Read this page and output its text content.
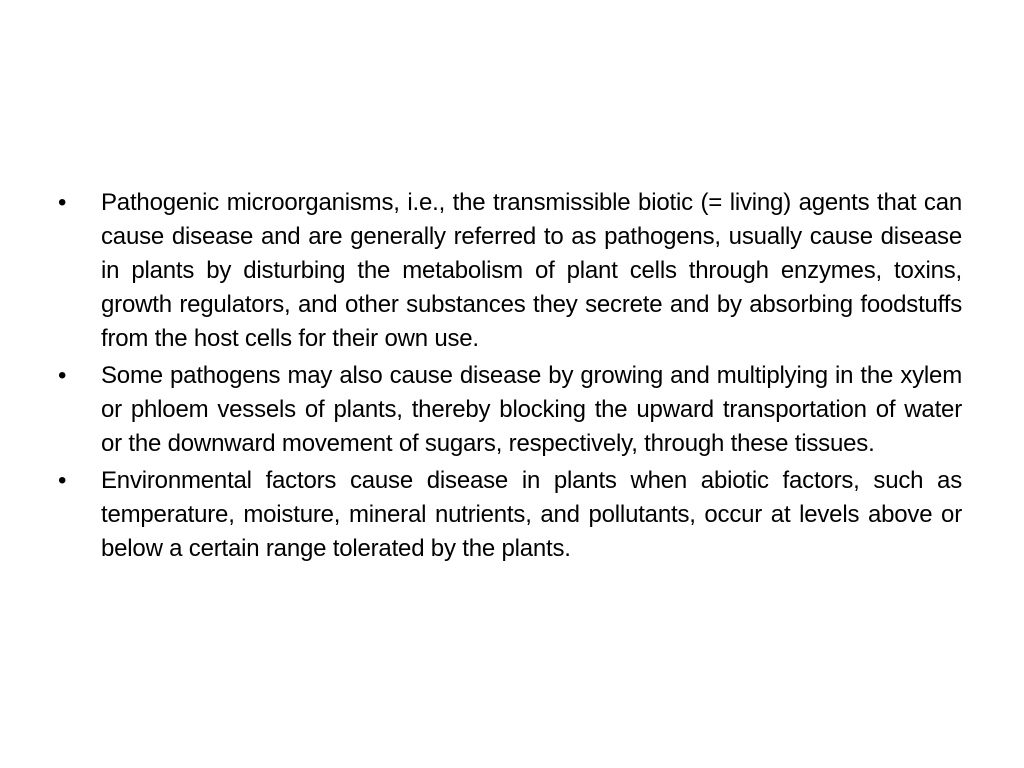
•	Pathogenic microorganisms, i.e., the transmissible biotic (= living) agents that can cause disease and are generally referred to as pathogens, usually cause disease in plants by disturbing the metabolism of plant cells through enzymes, toxins, growth regulators, and other substances they secrete and by absorbing foodstuffs from the host cells for their own use.
•	Some pathogens may also cause disease by growing and multiplying in the xylem or phloem vessels of plants, thereby blocking the upward transportation of water or the downward movement of sugars, respectively, through these tissues.
•	Environmental factors cause disease in plants when abiotic factors, such as temperature, moisture, mineral nutrients, and pollutants, occur at levels above or below a certain range tolerated by the plants.
